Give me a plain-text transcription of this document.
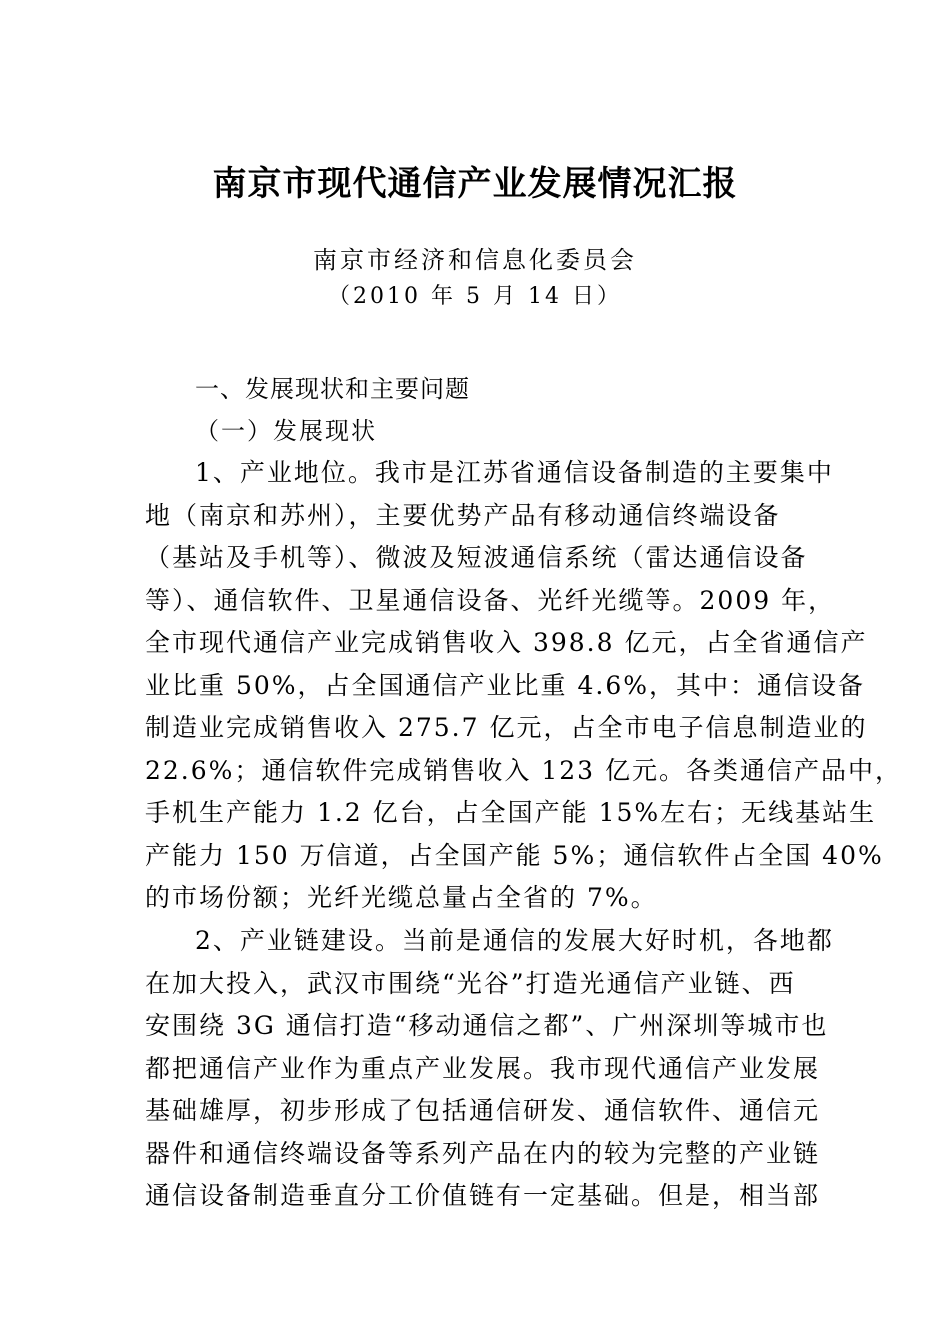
南京市现代通信产业发展情况汇报
南京市经济和信息化委员会
（2010 年 5 月 14 日）
一、发展现状和主要问题
（一）发展现状
1、产业地位。我市是江苏省通信设备制造的主要集中
地（南京和苏州），主要优势产品有移动通信终端设备
（基站及手机等）、微波及短波通信系统（雷达通信设备
等）、通信软件、卫星通信设备、光纤光缆等。2009 年，
全市现代通信产业完成销售收入 398.8 亿元，占全省通信产
业比重 50%，占全国通信产业比重 4.6%，其中：通信设备
制造业完成销售收入 275.7 亿元，占全市电子信息制造业的
22.6%；通信软件完成销售收入 123 亿元。各类通信产品中，
手机生产能力 1.2 亿台，占全国产能 15%左右；无线基站生
产能力 150 万信道，占全国产能 5%；通信软件占全国 40%
的市场份额；光纤光缆总量占全省的 7%。
2、产业链建设。当前是通信的发展大好时机，各地都
在加大投入，武汉市围绕“光谷”打造光通信产业链、西
安围绕 3G 通信打造“移动通信之都”、广州深圳等城市也
都把通信产业作为重点产业发展。我市现代通信产业发展
基础雄厚，初步形成了包括通信研发、通信软件、通信元
器件和通信终端设备等系列产品在内的较为完整的产业链
通信设备制造垂直分工价值链有一定基础。但是，相当部
